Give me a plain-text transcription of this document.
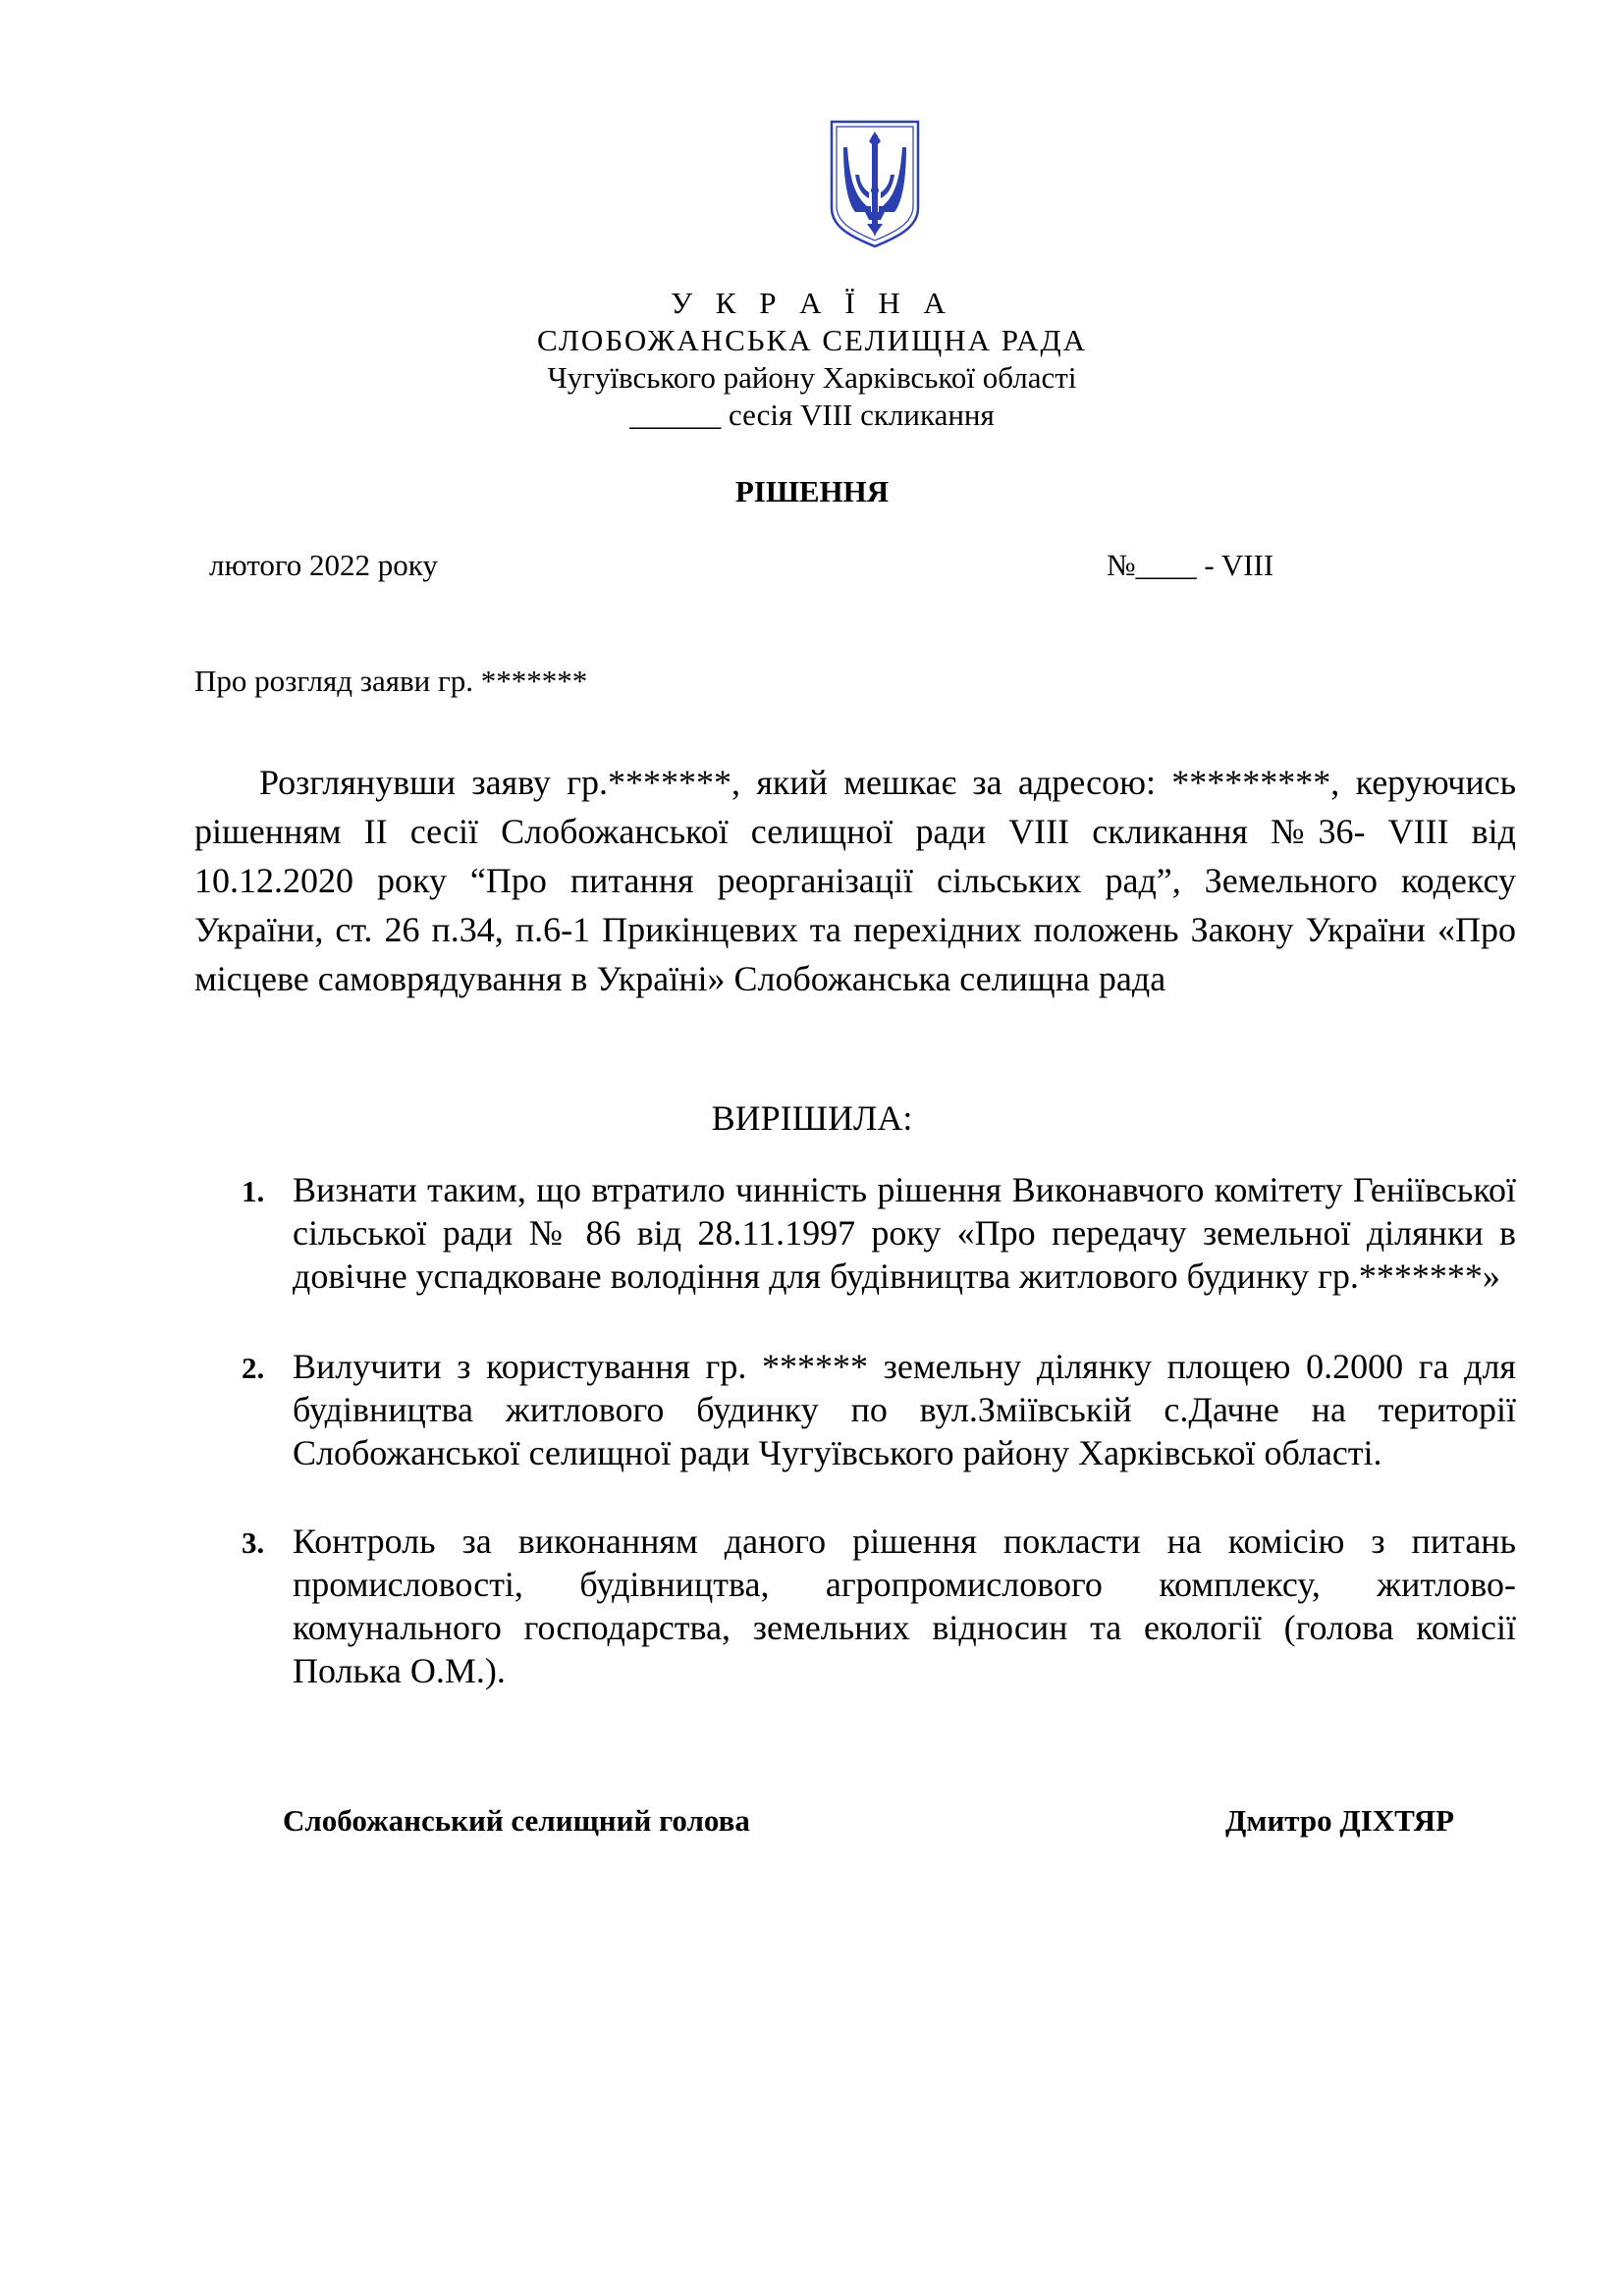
У К Р А Ї Н А
СЛОБОЖАНСЬКА СЕЛИЩНА РАДА
Чугуївського району Харківської області
______ сесія VIII скликання
РІШЕННЯ
лютого 2022 року	№____ - VIII
Про розгляд заяви гр. *******

Розглянувши заяву гр.*******, який мешкає за адресою: *********, керуючись рішенням II сесії Слобожанської селищної ради VIII скликання №36- VIII від 10.12.2020 року “Про питання реорганізації сільських рад”, Земельного кодексу України, ст. 26 п.34, п.6-1 Прикінцевих та перехідних положень Закону України «Про місцеве самоврядування в Україні» Слобожанська селищна рада

ВИРІШИЛА:
1. Визнати таким, що втратило чинність рішення Виконавчого комітету Геніївської сільської ради № 86 від 28.11.1997 року «Про передачу земельної ділянки в довічне успадковане володіння для будівництва житлового будинку гр.*******»
2. Вилучити з користування гр. ****** земельну ділянку площею 0.2000 га для будівництва житлового будинку по вул.Зміївській с.Дачне на території Слобожанської селищної ради Чугуївського району Харківської області.
3. Контроль за виконанням даного рішення покласти на комісію з питань промисловості, будівництва, агропромислового комплексу, житлово-комунального господарства, земельних відносин та екології (голова комісії Полька О.М.).
Слобожанський селищний голова	Дмитро ДІХТЯР
